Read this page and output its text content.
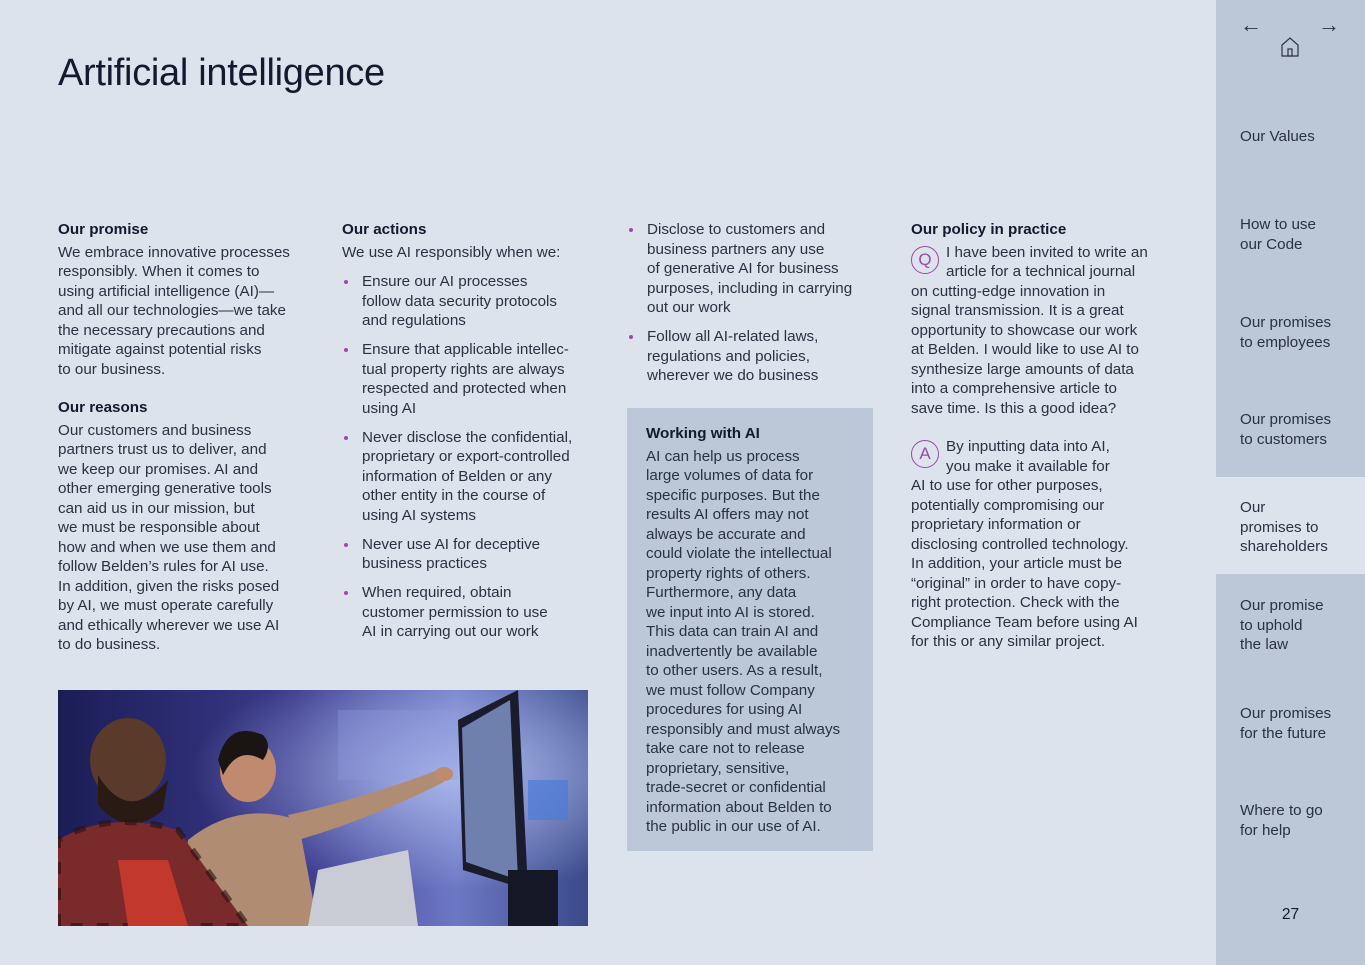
Artificial intelligence
Our promise

We embrace innovative processes
responsibly. When it comes to
using artificial intelligence (AI)—
and all our technologies—we take
the necessary precautions and
mitigate against potential risks
to our business.

Our reasons

Our customers and business
partners trust us to deliver, and
we keep our promises. AI and
other emerging generative tools
can aid us in our mission, but
we must be responsible about
how and when we use them and
follow Belden’s rules for AI use.
In addition, given the risks posed
by AI, we must operate carefully
and ethically wherever we use AI
to do business.

Our actions

We use AI responsibly when we:

Ensure our AI processes
follow data security protocols
and regulations
Ensure that applicable intellec-
tual property rights are always
respected and protected when
using AI
Never disclose the confidential,
proprietary or export-controlled
information of Belden or any
other entity in the course of
using AI systems
Never use AI for deceptive
business practices
When required, obtain
customer permission to use
AI in carrying out our work
Disclose to customers and
business partners any use
of generative AI for business
purposes, including in carrying
out our work
Follow all AI-related laws,
regulations and policies,
wherever we do business
Working with AI

AI can help us process
large volumes of data for
specific purposes. But the
results AI offers may not
always be accurate and
could violate the intellectual
property rights of others.
Furthermore, any data
we input into AI is stored.
This data can train AI and
inadvertently be available
to other users. As a result,
we must follow Company
procedures for using AI
responsibly and must always
take care not to release
proprietary, sensitive,
trade-secret or confidential
information about Belden to
the public in our use of AI.

Our policy in practice
Q I have been invited to write an
article for a technical journal
on cutting-edge innovation in
signal transmission. It is a great
opportunity to showcase our work
at Belden. I would like to use AI to
synthesize large amounts of data
into a comprehensive article to
save time. Is this a good idea?

A	By inputting data into AI,
you make it available for
AI to use for other purposes,
potentially compromising our
proprietary information or
disclosing controlled technology.
In addition, your article must be
“original” in order to have copy-
right protection. Check with the
Compliance Team before using AI
for this or any similar project.

←	→
Our Values
How to use
our Code
Our promises
to employees
Our promises
to customers
Our
promises to
shareholders
Our promise
to uphold
the law
Our promises
for the future
Where to go
for help
27
